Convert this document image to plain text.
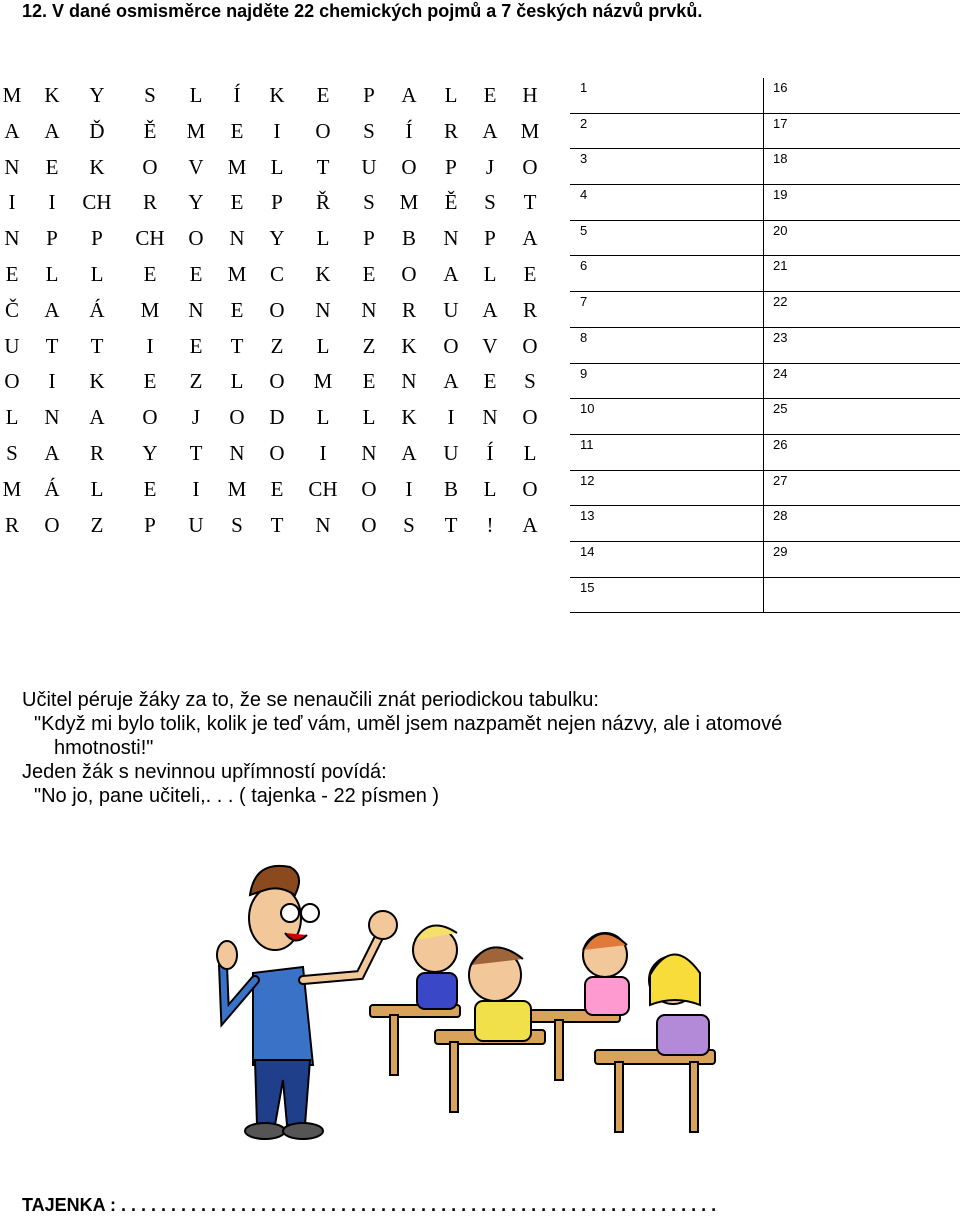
12. V dané osmisměrce najděte 22 chemických pojmů a 7 českých názvů prvků.
M	K	Y	S	L	Í	K	E	P	A	L	E	H
A	A	Ď	Ě	M	E	I	O	S	Í	R	A	M
N	E	K	O	V	M	L	T	U	O	P	J	O
I	I	CH	R	Y	E	P	Ř	S	M	Ě	S	T
N	P	P	CH	O	N	Y	L	P	B	N	P	A
E	L	L	E	E	M	C	K	E	O	A	L	E
Č	A	Á	M	N	E	O	N	N	R	U	A	R
U	T	T	I	E	T	Z	L	Z	K	O	V	O
O	I	K	E	Z	L	O	M	E	N	A	E	S
L	N	A	O	J	O	D	L	L	K	I	N	O
S	A	R	Y	T	N	O	I	N	A	U	Í	L
M	Á	L	E	I	M	E	CH	O	I	B	L	O
R	O	Z	P	U	S	T	N	O	S	T	!	A
1	16
2	17
3	18
4	19
5	20
6	21
7	22
8	23
9	24
10	25
11	26
12	27
13	28
14	29
15
Učitel péruje žáky za to, že se nenaučili znát periodickou tabulku:
"Když mi bylo tolik, kolik je teď vám, uměl jsem nazpamět nejen názvy, ale i atomové
hmotnosti!"
Jeden žák s nevinnou upřímností povídá:
"No jo, pane učiteli,. . . ( tajenka - 22 písmen )
TAJENKA : . . . . . . . . . . . . . . . . . . . . . . . . . . . . . . . . . . . . . . . . . . . . . . . . . . . . . . . . . . . .
